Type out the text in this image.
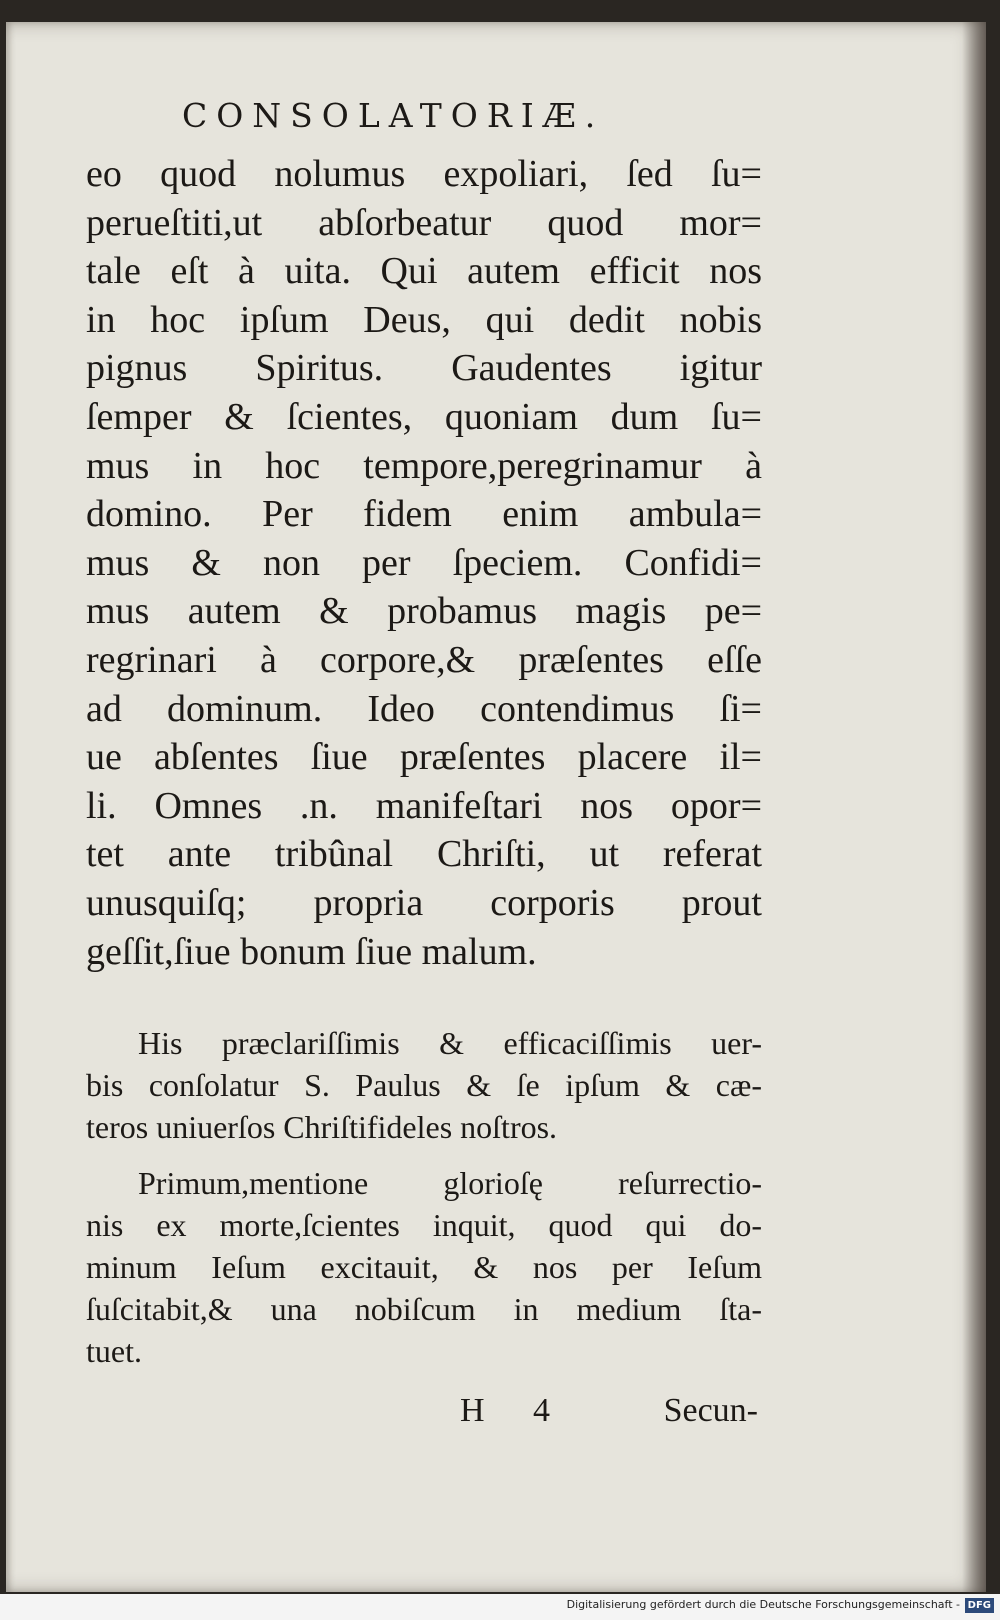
CONSOLATORIÆ.
eo quod nolumus expoliari, ſed ſu=
perueſtiti,ut abſorbeatur quod mor=
tale eſt à uita. Qui autem efficit nos
in hoc ipſum Deus, qui dedit nobis
pignus Spiritus. Gaudentes igitur
ſemper & ſcientes, quoniam dum ſu=
mus in hoc tempore,peregrinamur à
domino. Per fidem enim ambula=
mus & non per ſpeciem. Confidi=
mus autem & probamus magis pe=
regrinari à corpore,& præſentes eſſe
ad dominum. Ideo contendimus ſi=
ue abſentes ſiue præſentes placere il=
li. Omnes .n. manifeſtari nos opor=
tet ante tribûnal Chriſti, ut referat
unusquiſq; propria corporis prout
geſſit,ſiue bonum ſiue malum.
His præclariſſimis & efficaciſſimis uer-
bis conſolatur S. Paulus & ſe ipſum & cæ-
teros uniuerſos Chriſtifideles noſtros.
Primum,mentione glorioſę reſurrectio-
nis ex morte,ſcientes inquit, quod qui do-
minum Ieſum excitauit, & nos per Ieſum
ſuſcitabit,& una nobiſcum in medium ſta-
tuet.
H 4	Secun-
Digitalisierung gefördert durch die Deutsche Forschungsgemeinschaft - DFG
